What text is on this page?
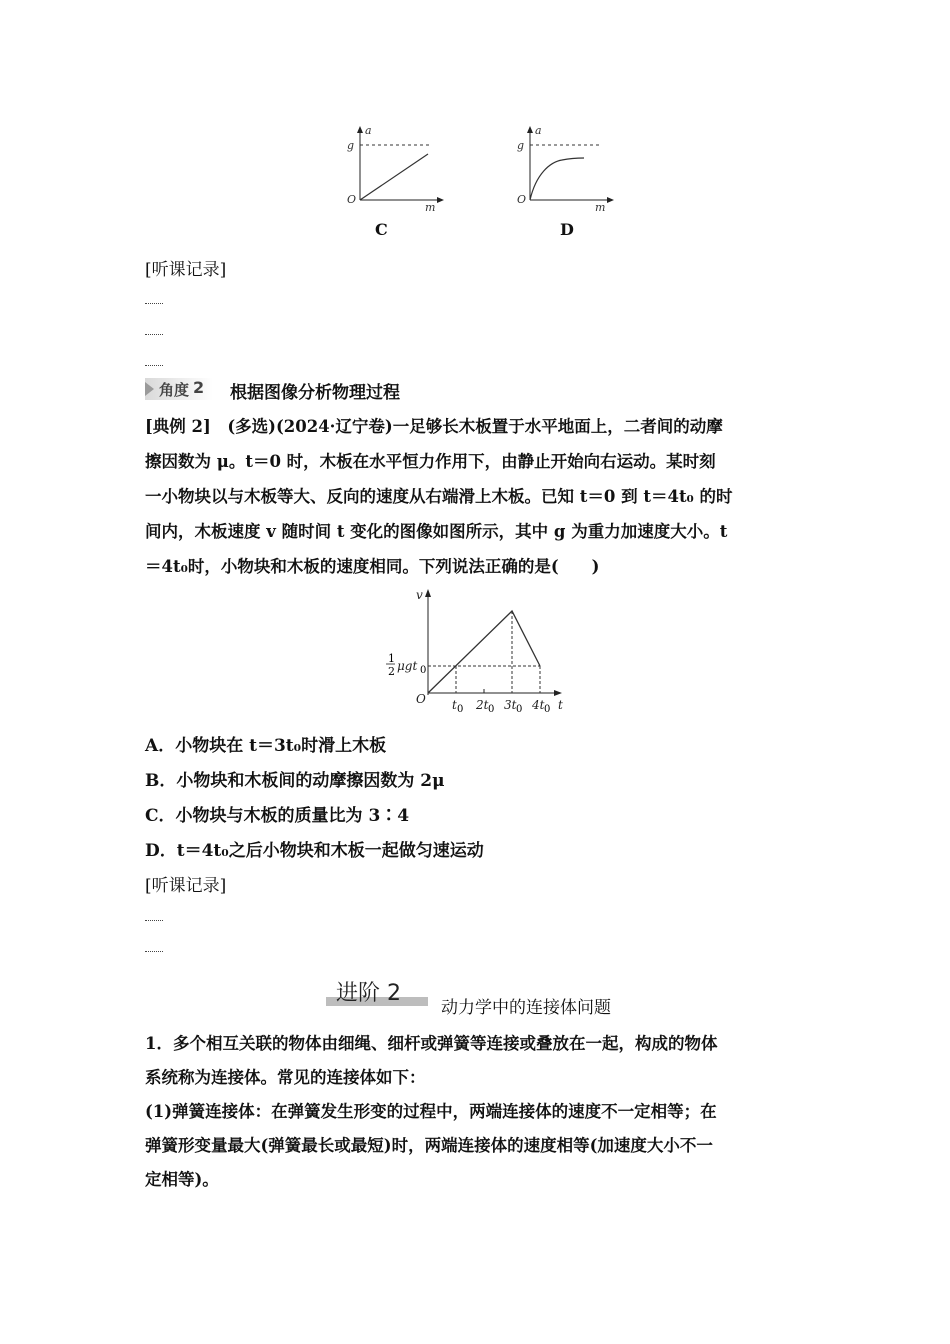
a
g
O
m
C
a
g
O
m
D
[听课记录]
角度 2 根据图像分析物理过程
[典例 2]　(多选)(2024·辽宁卷)一足够长木板置于水平地面上，二者间的动摩
擦因数为 μ。t＝0 时，木板在水平恒力作用下，由静止开始向右运动。某时刻
一小物块以与木板等大、反向的速度从右端滑上木板。已知 t＝0 到 t＝4t₀ 的时
间内，木板速度 v 随时间 t 变化的图像如图所示，其中 g 为重力加速度大小。t
＝4t₀时，小物块和木板的速度相同。下列说法正确的是(　　)
v
O	t
1
2 μgt 0
t 0 2t 0 3t 0 4t 0
A．小物块在 t＝3t₀时滑上木板
B．小物块和木板间的动摩擦因数为 2μ
C．小物块与木板的质量比为 3∶4
D．t＝4t₀之后小物块和木板一起做匀速运动
[听课记录]
进阶 2
动力学中的连接体问题
1．多个相互关联的物体由细绳、细杆或弹簧等连接或叠放在一起，构成的物体
系统称为连接体。常见的连接体如下：
(1)弹簧连接体：在弹簧发生形变的过程中，两端连接体的速度不一定相等；在
弹簧形变量最大(弹簧最长或最短)时，两端连接体的速度相等(加速度大小不一
定相等)。
